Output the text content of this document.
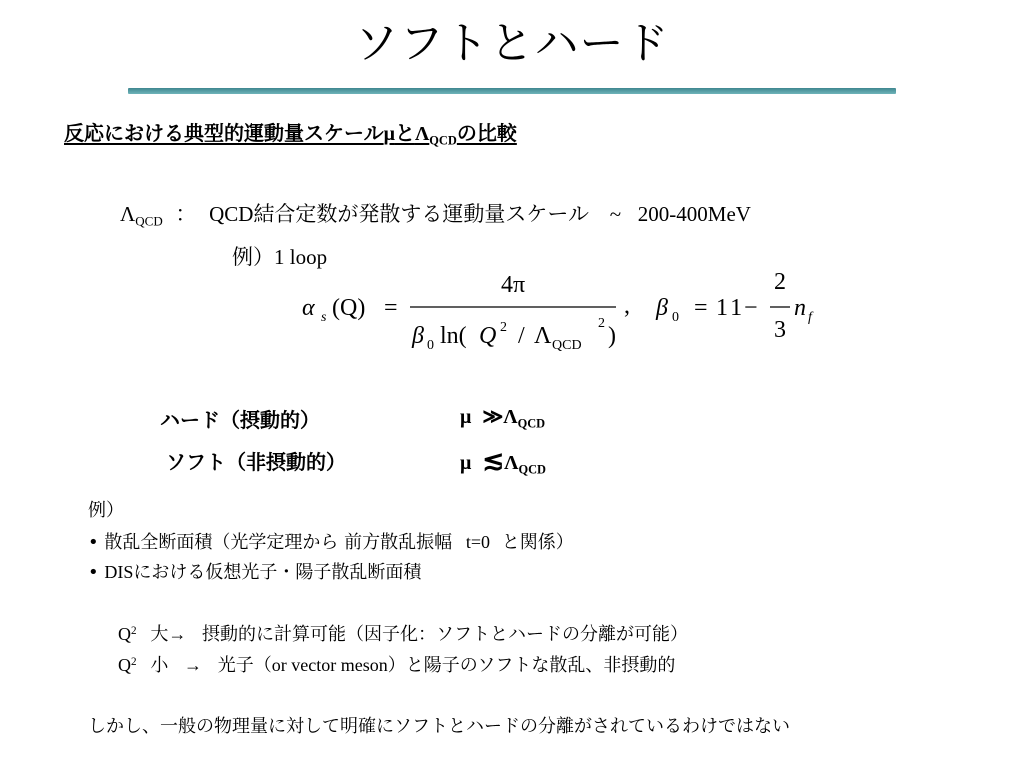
ソフトとハード
反応における典型的運動量スケールμと$\Lambda_{QCD}$の比較
$\Lambda_{QCD}$ ： QCD結合定数が発散する運動量スケール ~ 200-400MeV
例）1 loop
α s (Q) =
4π
β 0 ln( Q 2 / Λ QCD
2 )
, β 0 = 11
−
2
3
n f
ハード（摂動的）	μ $≫\Lambda_{QCD}$
ソフト（非摂動的）	μ $≲\Lambda_{QCD}$
例）
• 散乱全断面積（光学定理から 前方散乱振幅 t=0 と関係）
• DISにおける仮想光子・陽子散乱断面積
$Q^2$ 大→ 摂動的に計算可能（因子化：ソフトとハードの分離が可能）
$Q^2$ 小 → 光子（or vector meson）と陽子のソフトな散乱、非摂動的
しかし、一般の物理量に対して明確にソフトとハードの分離がされているわけではない
